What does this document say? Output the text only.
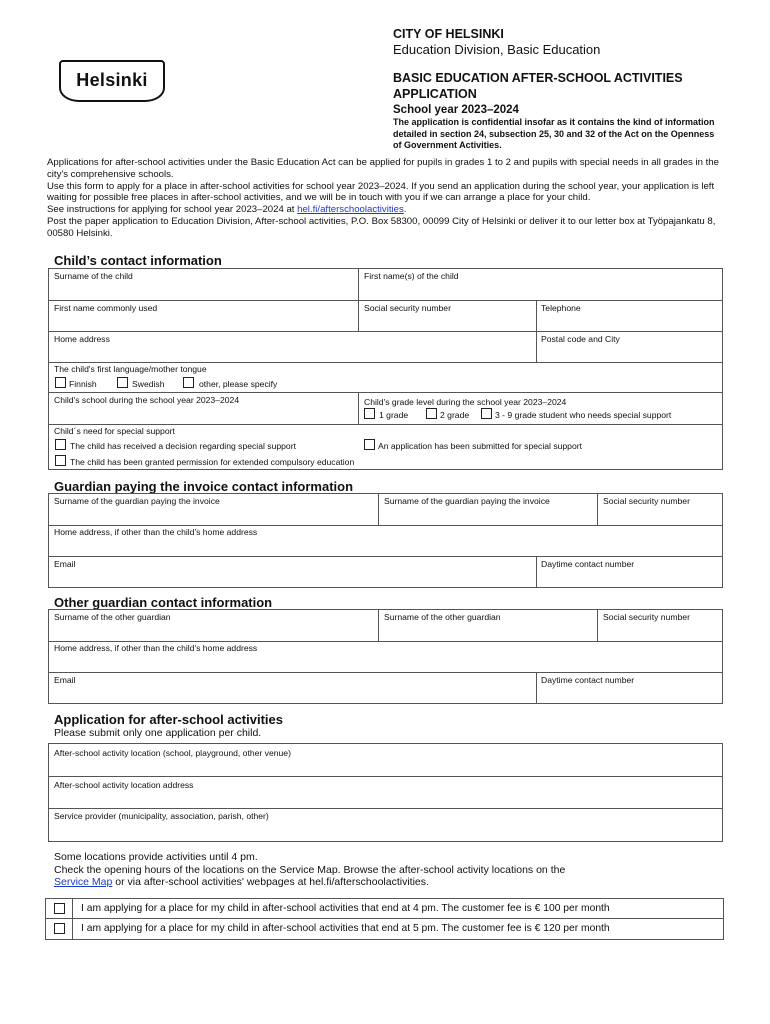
Helsinki
CITY OF HELSINKI
Education Division, Basic Education
BASIC EDUCATION AFTER-SCHOOL ACTIVITIES
APPLICATION
School year 2023–2024
The application is confidential insofar as it contains the kind of information detailed in section 24, subsection 25, 30 and 32 of the Act on the Openness of Government Activities.

Applications for after-school activities under the Basic Education Act can be applied for pupils in grades 1 to 2 and pupils with special needs in all grades in the city's comprehensive schools.

Use this form to apply for a place in after-school activities for school year 2023–2024. If you send an application during the school year, your application is left waiting for possible free places in after-school activities, and we will be in touch with you if we can arrange a place for your child.

See instructions for applying for school year 2023–2024 at hel.fi/afterschoolactivities.

Post the paper application to Education Division, After-school activities, P.O. Box 58300, 00099 City of Helsinki or deliver it to our letter box at Työpajankatu 8, 00580 Helsinki.

Child’s contact information
Surname of the child	First name(s) of the child
First name commonly used	Social security number	Telephone
Home address	Postal code and City
The child's first language/mother tongue
Finnish	Swedish	other, please specify
Child's school during the school year 2023–2024	Child's grade level during the school year 2023–2024
1 grade	2 grade	3 - 9 grade student who needs special support
Child´s need for special support
The child has received a decision regarding special support	An application has been submitted for special support
The child has been granted permission for extended compulsory education
Guardian paying the invoice contact information
Surname of the guardian paying the invoice	Surname of the guardian paying the invoice	Social security number
Home address, if other than the child's home address
Email	Daytime contact number
Other guardian contact information
Surname of the other guardian	Surname of the other guardian	Social security number
Home address, if other than the child's home address
Email	Daytime contact number
Application for after-school activities
Please submit only one application per child.
After-school activity location (school, playground, other venue)
After-school activity location address
Service provider (municipality, association, parish, other)
Some locations provide activities until 4 pm.
Check the opening hours of the locations on the Service Map. Browse the after-school activity locations on the
Service Map or via after-school activities' webpages at hel.fi/afterschoolactivities.
I am applying for a place for my child in after-school activities that end at 4 pm. The customer fee is € 100 per month
I am applying for a place for my child in after-school activities that end at 5 pm. The customer fee is € 120 per month
